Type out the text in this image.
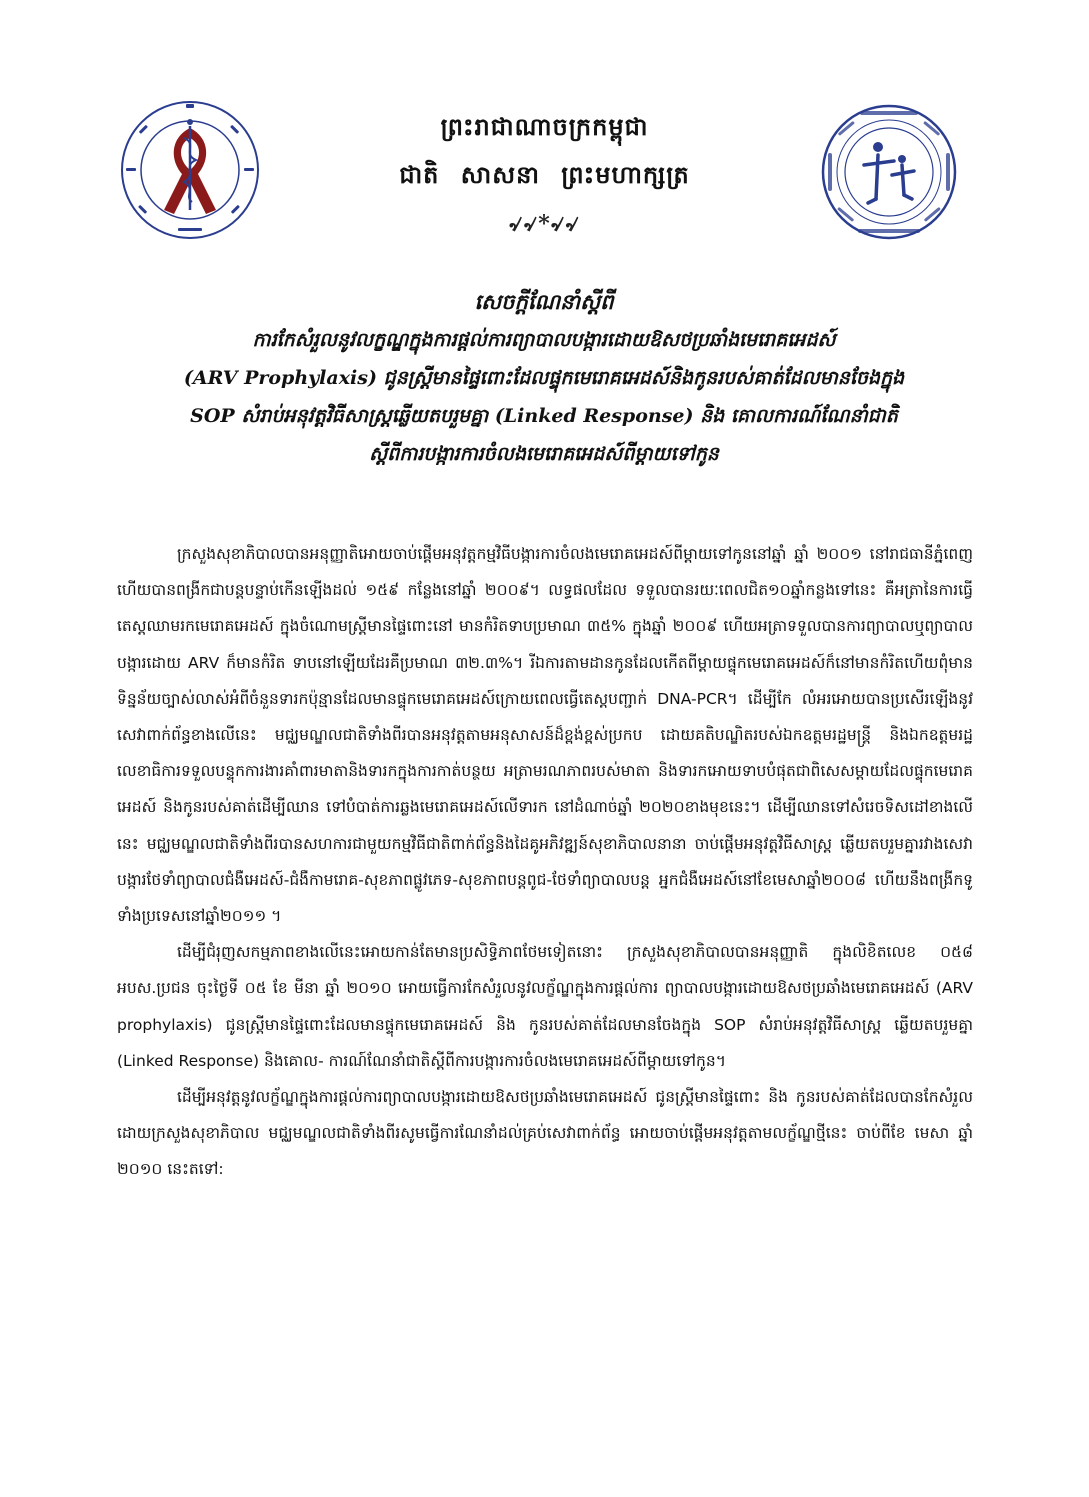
ព្រះរាជាណាចក្រកម្ពុជា
ជាតិ សាសនា ព្រះមហាក្សត្រ
৵৵*৵৵
សេចក្តីណែនាំស្តីពី
ការកែសំរួលនូវលក្ខណ្ឌក្នុងការផ្តល់ការព្យាបាលបង្ការដោយឱសថប្រឆាំងមេរោគអេដស៍
(ARV Prophylaxis) ជូនស្ត្រីមានផ្ទៃពោះដែលផ្ទុកមេរោគអេដស៍និងកូនរបស់គាត់ដែលមានចែងក្នុង
SOP សំរាប់អនុវត្តវិធីសាស្ត្រឆ្លើយតបរួមគ្នា (Linked Response) និង គោលការណ៍ណែនាំជាតិ
ស្តីពីការបង្ការការចំលងមេរោគអេដស៍ពីម្តាយទៅកូន

ក្រសួងសុខាភិបាលបានអនុញ្ញាតិអោយចាប់ផ្តើមអនុវត្តកម្មវិធីបង្ការការចំលងមេរោគអេដស៍ពីម្តាយទៅកូននៅឆ្នាំ ឆ្នាំ ២០០១ នៅរាជធានីភ្នំពេញ ហើយបានពង្រីកជាបន្តបន្ទាប់កើនឡើងដល់ ១៥៩ កន្លែងនៅឆ្នាំ ២០០៩។ លទ្ធផលដែល ទទួលបានរយៈពេលជិត១០ឆ្នាំកន្លងទៅនេះ គឺអត្រានៃការធ្វើតេស្តឈាមរកមេរោគអេដស៍ ក្នុងចំណោមស្ត្រីមានផ្ទៃពោះនៅ មានកំរិតទាបប្រមាណ ៣៥% ក្នុងឆ្នាំ ២០០៩ ហើយអត្រាទទួលបានការព្យាបាលឬព្យាបាលបង្ការដោយ ARV ក៏មានកំរិត ទាបនៅឡើយដែរគឺប្រមាណ ៣២.៣%។ រីឯការតាមដានកូនដែលកើតពីម្តាយផ្ទុកមេរោគអេដស៍ក៏នៅមានកំរិតហើយពុំមាន ទិន្នន័យច្បាស់លាស់អំពីចំនួនទារកប៉ុន្មានដែលមានផ្ទុកមេរោគអេដស៍ក្រោយពេលធ្វើតេស្តបញ្ជាក់ DNA-PCR។ ដើម្បីកែ លំអរអោយបានប្រសើរឡើងនូវសេវាពាក់ព័ន្ធខាងលើនេះ មជ្ឈមណ្ឌលជាតិទាំងពីរបានអនុវត្តតាមអនុសាសន៍ដ៏ខ្ពង់ខ្ពស់ប្រកប ដោយគតិបណ្ឌិតរបស់ឯកឧត្តមរដ្ឋមន្ត្រី និងឯកឧត្តមរដ្ឋលេខាធិការទទួលបន្ទុកការងារគាំពារមាតានិងទារកក្នុងការកាត់បន្ថយ អត្រាមរណភាពរបស់មាតា និងទារកអោយទាបបំផុតជាពិសេសម្តាយដែលផ្ទុកមេរោគអេដស៍ និងកូនរបស់គាត់ដើម្បីឈាន ទៅបំបាត់ការឆ្លងមេរោគអេដស៍លើទារក នៅដំណាច់ឆ្នាំ ២០២០ខាងមុខនេះ។ ដើម្បីឈានទៅសំរេចទិសដៅខាងលើនេះ មជ្ឈមណ្ឌលជាតិទាំងពីរបានសហការជាមួយកម្មវិធីជាតិពាក់ព័ន្ធនិងដៃគូអភិវឌ្ឍន៍សុខាភិបាលនានា ចាប់ផ្តើមអនុវត្តវិធីសាស្ត្រ ឆ្លើយតបរួមគ្នារវាងសេវាបង្ការថែទាំព្យាបាលជំងឺអេដស៍-ជំងឺកាមរោគ-សុខភាពផ្លូវភេទ-សុខភាពបន្តពូជ-ថែទាំព្យាបាលបន្ត អ្នកជំងឺអេដស៍នៅខែមេសាឆ្នាំ២០០៨ ហើយនឹងពង្រីកទូទាំងប្រទេសនៅឆ្នាំ២០១១ ។

ដើម្បីជំរុញសកម្មភាពខាងលើនេះអោយកាន់តែមានប្រសិទ្ធិភាពថែមទៀតនោះ ក្រសួងសុខាភិបាលបានអនុញ្ញាតិ ក្នុងលិខិតលេខ ០៥៨ អបស.ប្រជន ចុះថ្ងៃទី ០៥ ខែ មីនា ឆ្នាំ ២០១០ អោយធ្វើការកែសំរួលនូវលក្ខ័ណ្ឌក្នុងការផ្តល់ការ ព្យាបាលបង្ការដោយឱសថប្រឆាំងមេរោគអេដស៍ (ARV prophylaxis) ជូនស្ត្រីមានផ្ទៃពោះដែលមានផ្ទុកមេរោគអេដស៍ និង កូនរបស់គាត់ដែលមានចែងក្នុង SOP សំរាប់អនុវត្តវិធីសាស្ត្រ ឆ្លើយតបរួមគ្នា (Linked Response) និងគោល- ការណ៍ណែនាំជាតិស្តីពីការបង្ការការចំលងមេរោគអេដស៍ពីម្តាយទៅកូន។

ដើម្បីអនុវត្តនូវលក្ខ័ណ្ឌក្នុងការផ្តល់ការព្យាបាលបង្ការដោយឱសថប្រឆាំងមេរោគអេដស៍ ជូនស្ត្រីមានផ្ទៃពោះ និង កូនរបស់គាត់ដែលបានកែសំរួលដោយក្រសួងសុខាភិបាល មជ្ឈមណ្ឌលជាតិទាំងពីរសូមធ្វើការណែនាំដល់គ្រប់សេវាពាក់ព័ន្ធ អោយចាប់ផ្តើមអនុវត្តតាមលក្ខ័ណ្ឌថ្មីនេះ ចាប់ពីខែ មេសា ឆ្នាំ ២០១០ នេះតទៅ:
